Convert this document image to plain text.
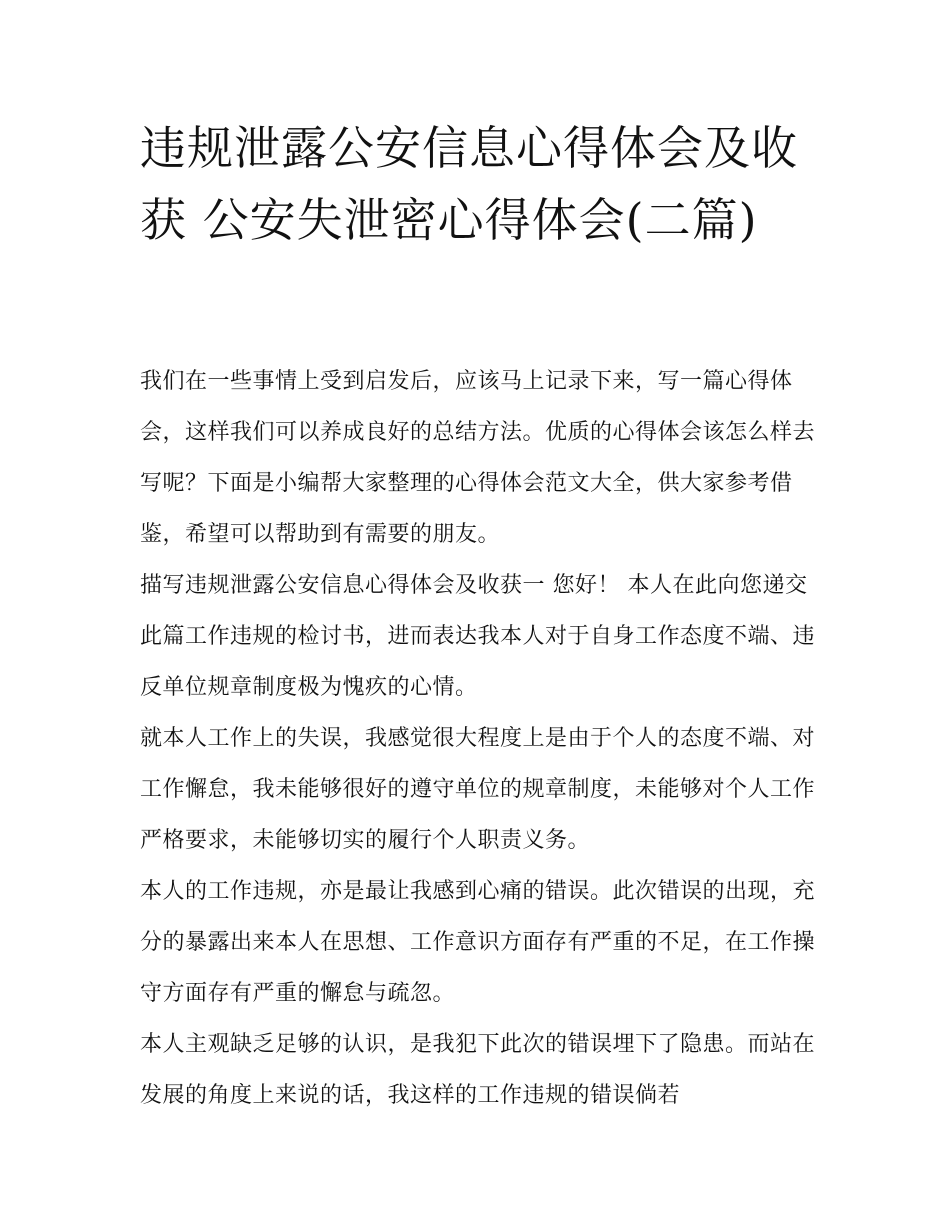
违规泄露公安信息心得体会及收获 公安失泄密心得体会(二篇)

我们在一些事情上受到启发后，应该马上记录下来，写一篇心得体会，这样我们可以养成良好的总结方法。优质的心得体会该怎么样去写呢？下面是小编帮大家整理的心得体会范文大全，供大家参考借鉴，希望可以帮助到有需要的朋友。

描写违规泄露公安信息心得体会及收获一 您好！ 本人在此向您递交此篇工作违规的检讨书，进而表达我本人对于自身工作态度不端、违反单位规章制度极为愧疚的心情。

就本人工作上的失误，我感觉很大程度上是由于个人的态度不端、对工作懈怠，我未能够很好的遵守单位的规章制度，未能够对个人工作严格要求，未能够切实的履行个人职责义务。

本人的工作违规，亦是最让我感到心痛的错误。此次错误的出现，充分的暴露出来本人在思想、工作意识方面存有严重的不足，在工作操守方面存有严重的懈怠与疏忽。

本人主观缺乏足够的认识，是我犯下此次的错误埋下了隐患。而站在发展的角度上来说的话，我这样的工作违规的错误倘若
